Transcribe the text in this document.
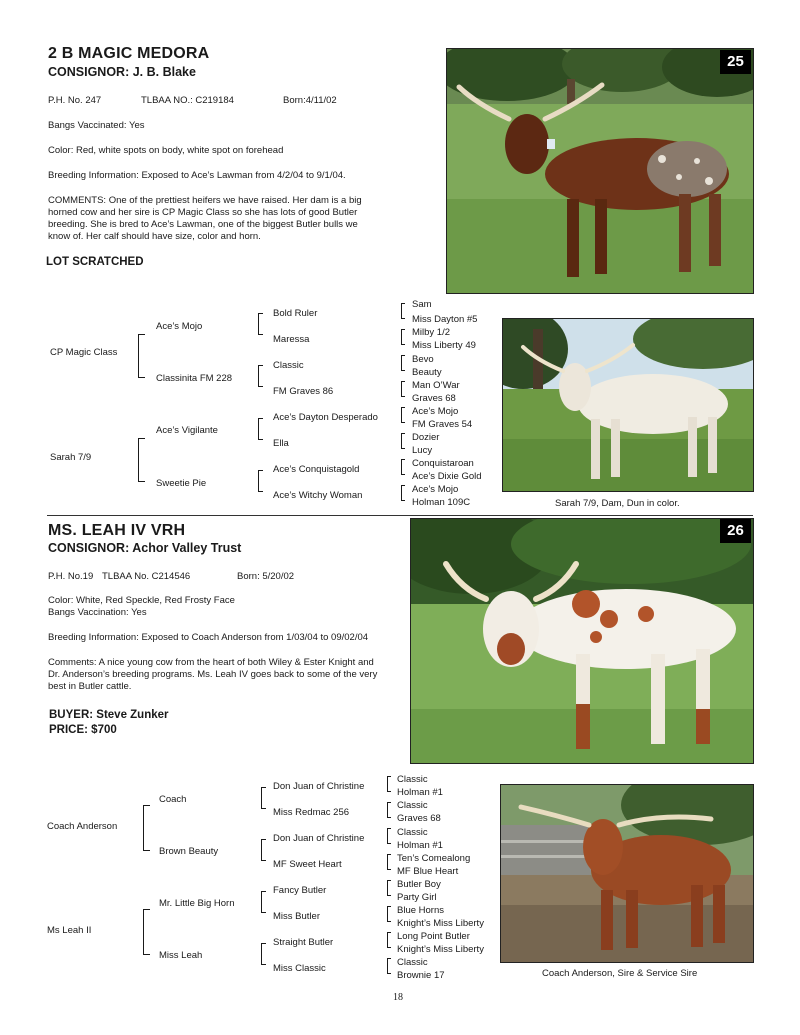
2 B MAGIC MEDORA
CONSIGNOR: J. B. Blake
P.H. No. 247	TLBAA NO.: C219184	Born:4/11/02
Bangs Vaccinated: Yes
Color: Red, white spots on body, white spot on forehead
Breeding Information: Exposed to Ace’s Lawman from 4/2/04 to 9/1/04.
COMMENTS: One of the prettiest heifers we have raised. Her dam is a big
horned cow and her sire is CP Magic Class so she has lots of good Butler
breeding. She is bred to Ace’s Lawman, one of the biggest Butler bulls we
know of. Her calf should have size, color and horn.
LOT SCRATCHED
25
CP Magic Class
Sarah 7/9
Ace’s Mojo
Classinita FM 228
Ace’s Vigilante
Sweetie Pie
Bold Ruler
Maressa
Classic
FM Graves 86
Ace’s Dayton Desperado
Ella
Ace’s Conquistagold
Ace’s Witchy Woman
Sam
Miss Dayton #5
Milby 1/2
Miss Liberty 49
Bevo
Beauty
Man O’War
Graves 68
Ace’s Mojo
FM Graves 54
Dozier
Lucy
Conquistaroan
Ace’s Dixie Gold
Ace’s Mojo
Holman 109C	Sarah 7/9, Dam, Dun in color.
MS. LEAH IV VRH
CONSIGNOR: Achor Valley Trust
P.H. No.19 TLBAA No. C214546	Born: 5/20/02
Color: White, Red Speckle, Red Frosty Face
Bangs Vaccination: Yes
Breeding Information: Exposed to Coach Anderson from 1/03/04 to 09/02/04
Comments: A nice young cow from the heart of both Wiley & Ester Knight and
Dr. Anderson’s breeding programs. Ms. Leah IV goes back to some of the very
best in Butler cattle.
BUYER: Steve Zunker
PRICE: $700
26
Coach Anderson
Ms Leah II
Coach
Brown Beauty
Mr. Little Big Horn
Miss Leah
Don Juan of Christine
Miss Redmac 256
Don Juan of Christine
MF Sweet Heart
Fancy Butler
Miss Butler
Straight Butler
Miss Classic
Classic
Holman #1
Classic
Graves 68
Classic
Holman #1
Ten’s Comealong
MF Blue Heart
Butler Boy
Party Girl
Blue Horns
Knight’s Miss Liberty
Long Point Butler
Knight’s Miss Liberty
Classic
Brownie 17	Coach Anderson, Sire & Service Sire
18
